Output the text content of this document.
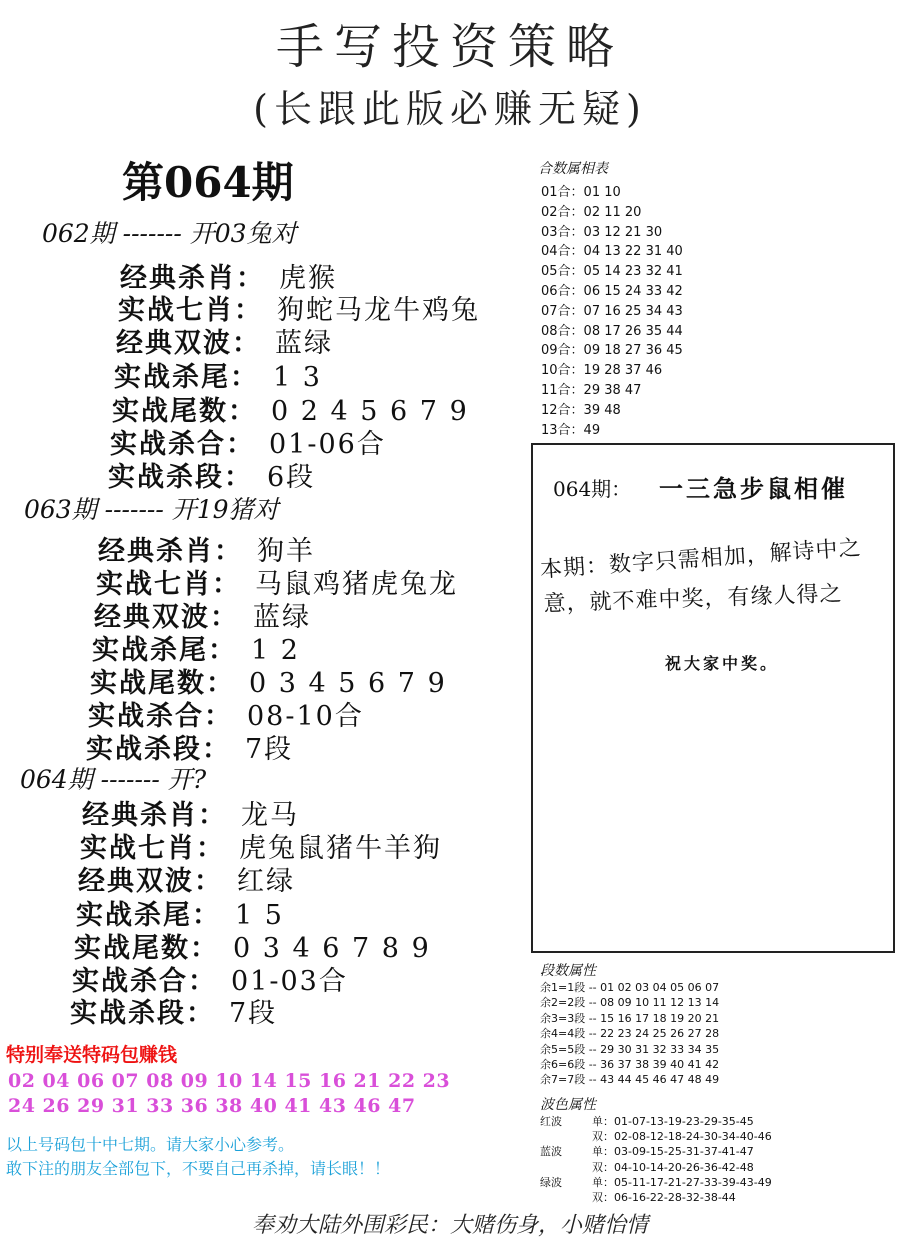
手写投资策略
(长跟此版必赚无疑)
第064期
062期 ------- 开03兔对
经典杀肖： 虎猴
实战七肖： 狗蛇马龙牛鸡兔
经典双波： 蓝绿
实战杀尾： 1 3
实战尾数： 0 2 4 5 6 7 9
实战杀合： 01-06合
实战杀段： 6段
063期 ------- 开19猪对
经典杀肖： 狗羊
实战七肖： 马鼠鸡猪虎兔龙
经典双波： 蓝绿
实战杀尾： 1 2
实战尾数： 0 3 4 5 6 7 9
实战杀合： 08-10合
实战杀段： 7段
064期 ------- 开?
经典杀肖： 龙马
实战七肖： 虎兔鼠猪牛羊狗
经典双波： 红绿
实战杀尾： 1 5
实战尾数： 0 3 4 6 7 8 9
实战杀合： 01-03合
实战杀段： 7段
合数属相表
01合：01 10
02合：02 11 20
03合：03 12 21 30
04合：04 13 22 31 40
05合：05 14 23 32 41
06合：06 15 24 33 42
07合：07 16 25 34 43
08合：08 17 26 35 44
09合：09 18 27 36 45
10合：19 28 37 46
11合：29 38 47
12合：39 48
13合：49
064期： 一三急步鼠相催
本期：数字只需相加，解诗中之
意，就不难中奖，有缘人得之
祝大家中奖。
段数属性
余1=1段 -- 01 02 03 04 05 06 07
余2=2段 -- 08 09 10 11 12 13 14
余3=3段 -- 15 16 17 18 19 20 21
余4=4段 -- 22 23 24 25 26 27 28
余5=5段 -- 29 30 31 32 33 34 35
余6=6段 -- 36 37 38 39 40 41 42
余7=7段 -- 43 44 45 46 47 48 49
波色属性
红波	单：01-07-13-19-23-29-35-45
双：02-08-12-18-24-30-34-40-46
蓝波	单：03-09-15-25-31-37-41-47
双：04-10-14-20-26-36-42-48
绿波	单：05-11-17-21-27-33-39-43-49
双：06-16-22-28-32-38-44
特别奉送特码包赚钱
02 04 06 07 08 09 10 14 15 16 21 22 23
24 26 29 31 33 36 38 40 41 43 46 47
以上号码包十中七期。请大家小心参考。
敢下注的朋友全部包下，不要自己再杀掉，请长眼！！
奉劝大陆外围彩民：大赌伤身，小赌怡情
